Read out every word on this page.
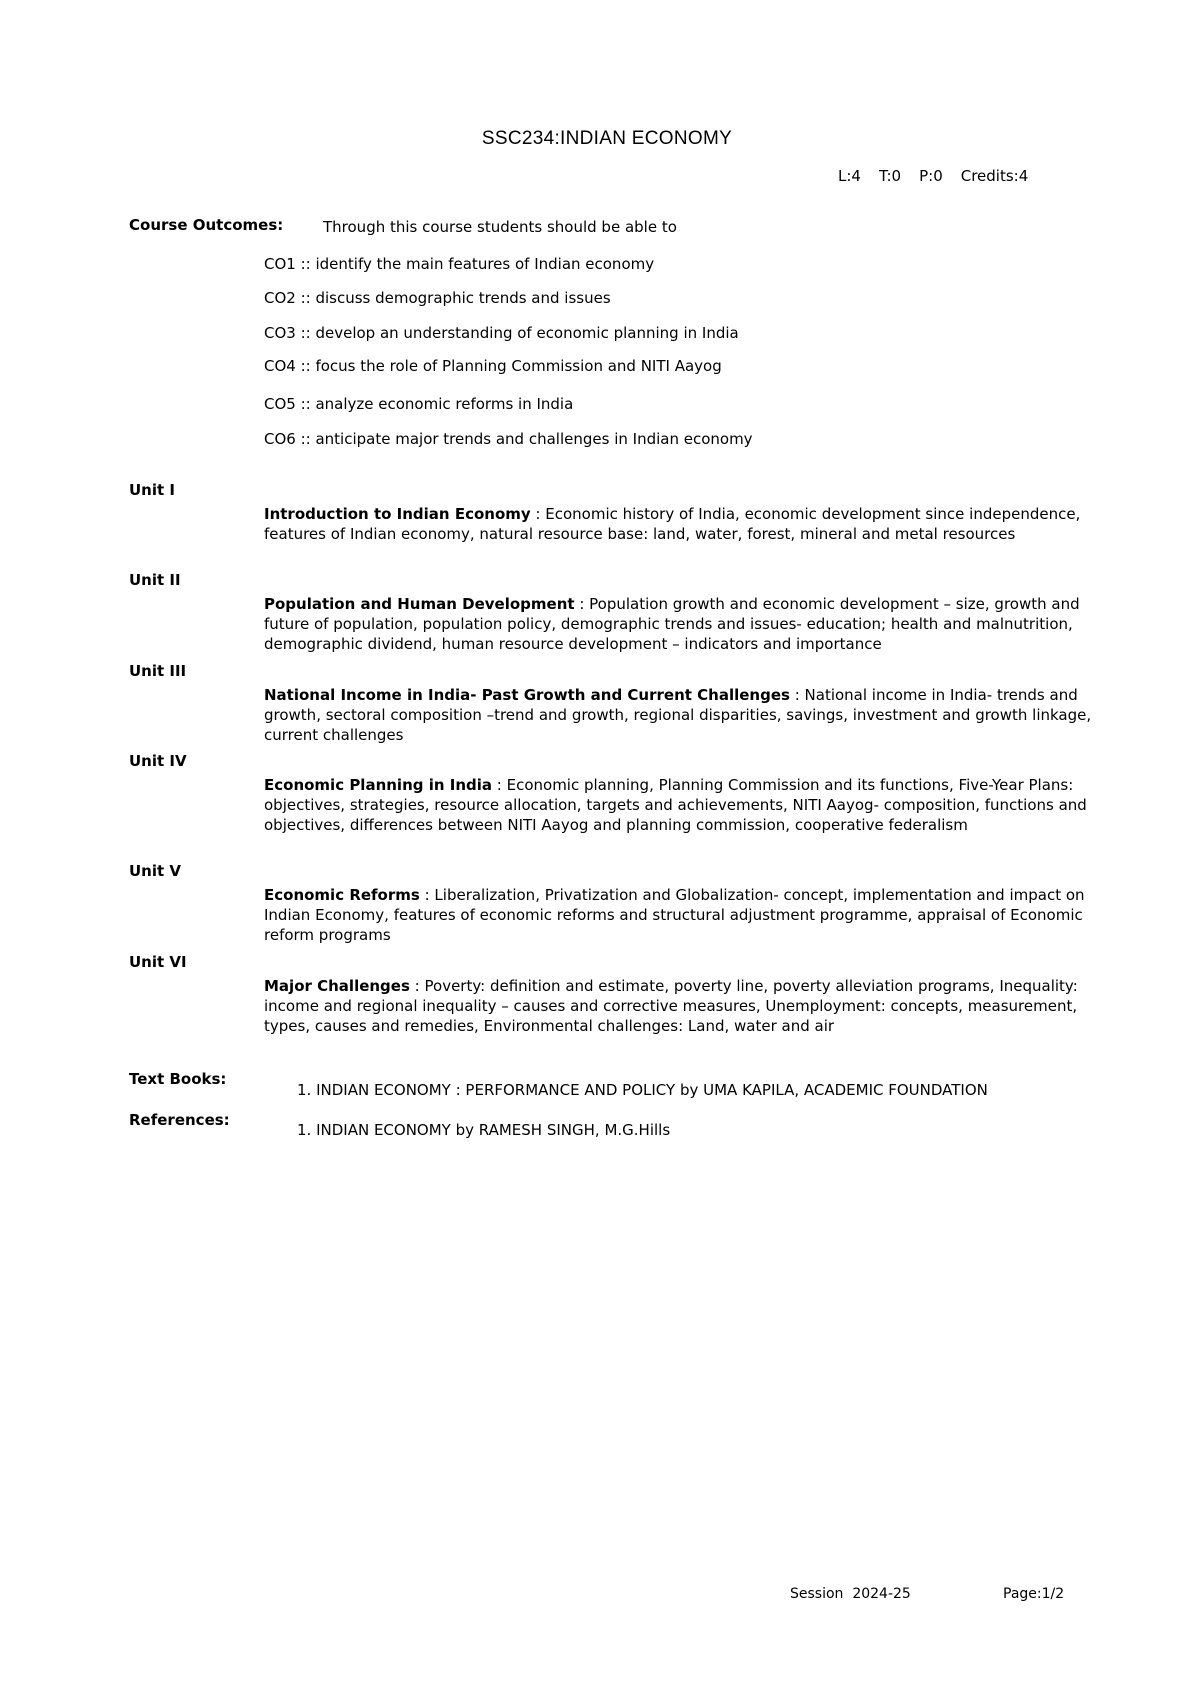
SSC234:INDIAN ECONOMY
L:4 T:0 P:0 Credits:4
Course Outcomes:	Through this course students should be able to
CO1 :: identify the main features of Indian economy
CO2 :: discuss demographic trends and issues
CO3 :: develop an understanding of economic planning in India
CO4 :: focus the role of Planning Commission and NITI Aayog
CO5 :: analyze economic reforms in India
CO6 :: anticipate major trends and challenges in Indian economy
Unit I
Introduction to Indian Economy : Economic history of India, economic development since independence, features of Indian economy, natural resource base: land, water, forest, mineral and metal resources
Unit II
Population and Human Development : Population growth and economic development – size, growth and future of population, population policy, demographic trends and issues- education; health and malnutrition, demographic dividend, human resource development – indicators and importance
Unit III
National Income in India- Past Growth and Current Challenges : National income in India- trends and growth, sectoral composition –trend and growth, regional disparities, savings, investment and growth linkage, current challenges
Unit IV
Economic Planning in India : Economic planning, Planning Commission and its functions, Five-Year Plans: objectives, strategies, resource allocation, targets and achievements, NITI Aayog- composition, functions and objectives, differences between NITI Aayog and planning commission, cooperative federalism
Unit V
Economic Reforms : Liberalization, Privatization and Globalization- concept, implementation and impact on Indian Economy, features of economic reforms and structural adjustment programme, appraisal of Economic reform programs
Unit VI
Major Challenges : Poverty: definition and estimate, poverty line, poverty alleviation programs, Inequality: income and regional inequality – causes and corrective measures, Unemployment: concepts, measurement, types, causes and remedies, Environmental challenges: Land, water and air
Text Books:
1. INDIAN ECONOMY : PERFORMANCE AND POLICY by UMA KAPILA, ACADEMIC FOUNDATION
References:
1. INDIAN ECONOMY by RAMESH SINGH, M.G.Hills
Session  2024-25	Page:1/2
